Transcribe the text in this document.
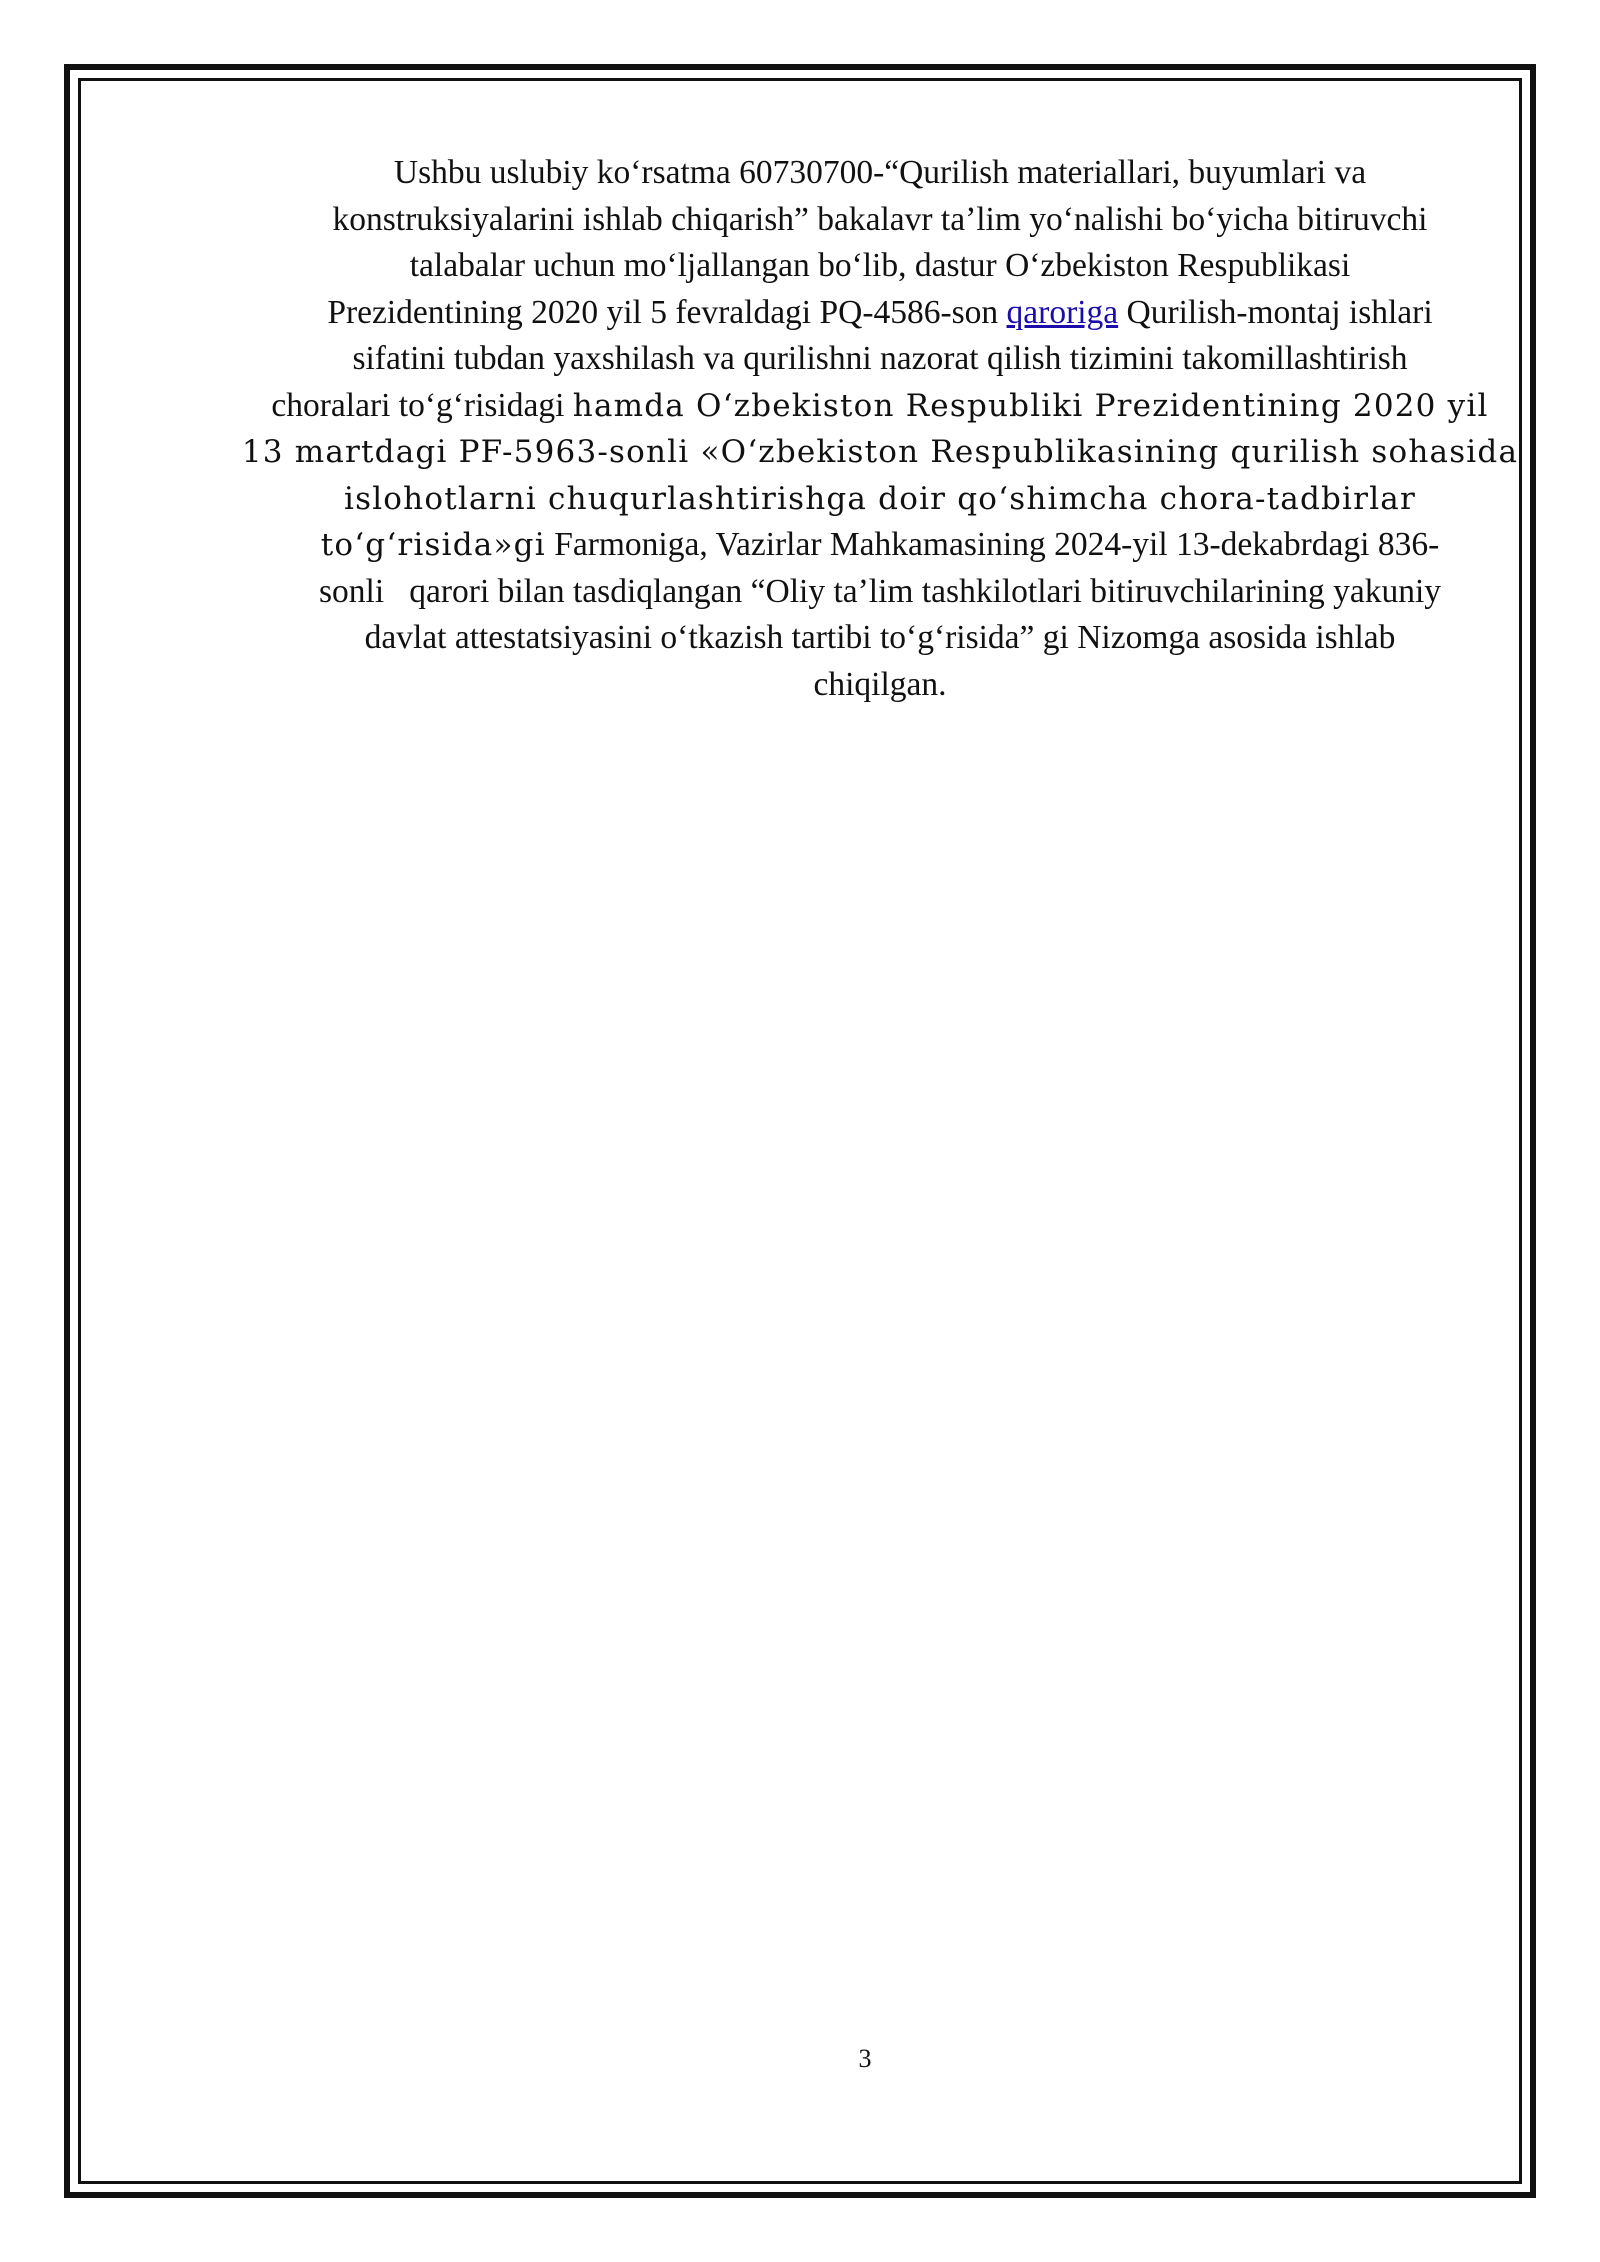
Ushbu uslubiy koʻrsatma 60730700-“Qurilish materiallari, buyumlari va
konstruksiyalarini ishlab chiqarish” bakalavr taʼlim yoʻnalishi boʻyicha bitiruvchi
talabalar uchun moʻljallangan boʻlib, dastur Oʻzbekiston Respublikasi
Prezidentining 2020 yil 5 fevraldagi PQ-4586-son qaroriga Qurilish-montaj ishlari
sifatini tubdan yaxshilash va qurilishni nazorat qilish tizimini takomillashtirish
choralari toʻgʻrisidagi hamda Oʻzbekiston Respubliki Prezidentining 2020 yil
13 martdagi PF-5963-sonli «Oʻzbekiston Respublikasining qurilish sohasida
islohotlarni chuqurlashtirishga doir qoʻshimcha chora-tadbirlar
toʻgʻrisida»gi Farmoniga, Vazirlar Mahkamasining 2024-yil 13-dekabrdagi 836-
sonli   qarori bilan tasdiqlangan “Oliy taʼlim tashkilotlari bitiruvchilarining yakuniy
davlat attestatsiyasini oʻtkazish tartibi toʻgʻrisida” gi Nizomga asosida ishlab
chiqilgan.
3
